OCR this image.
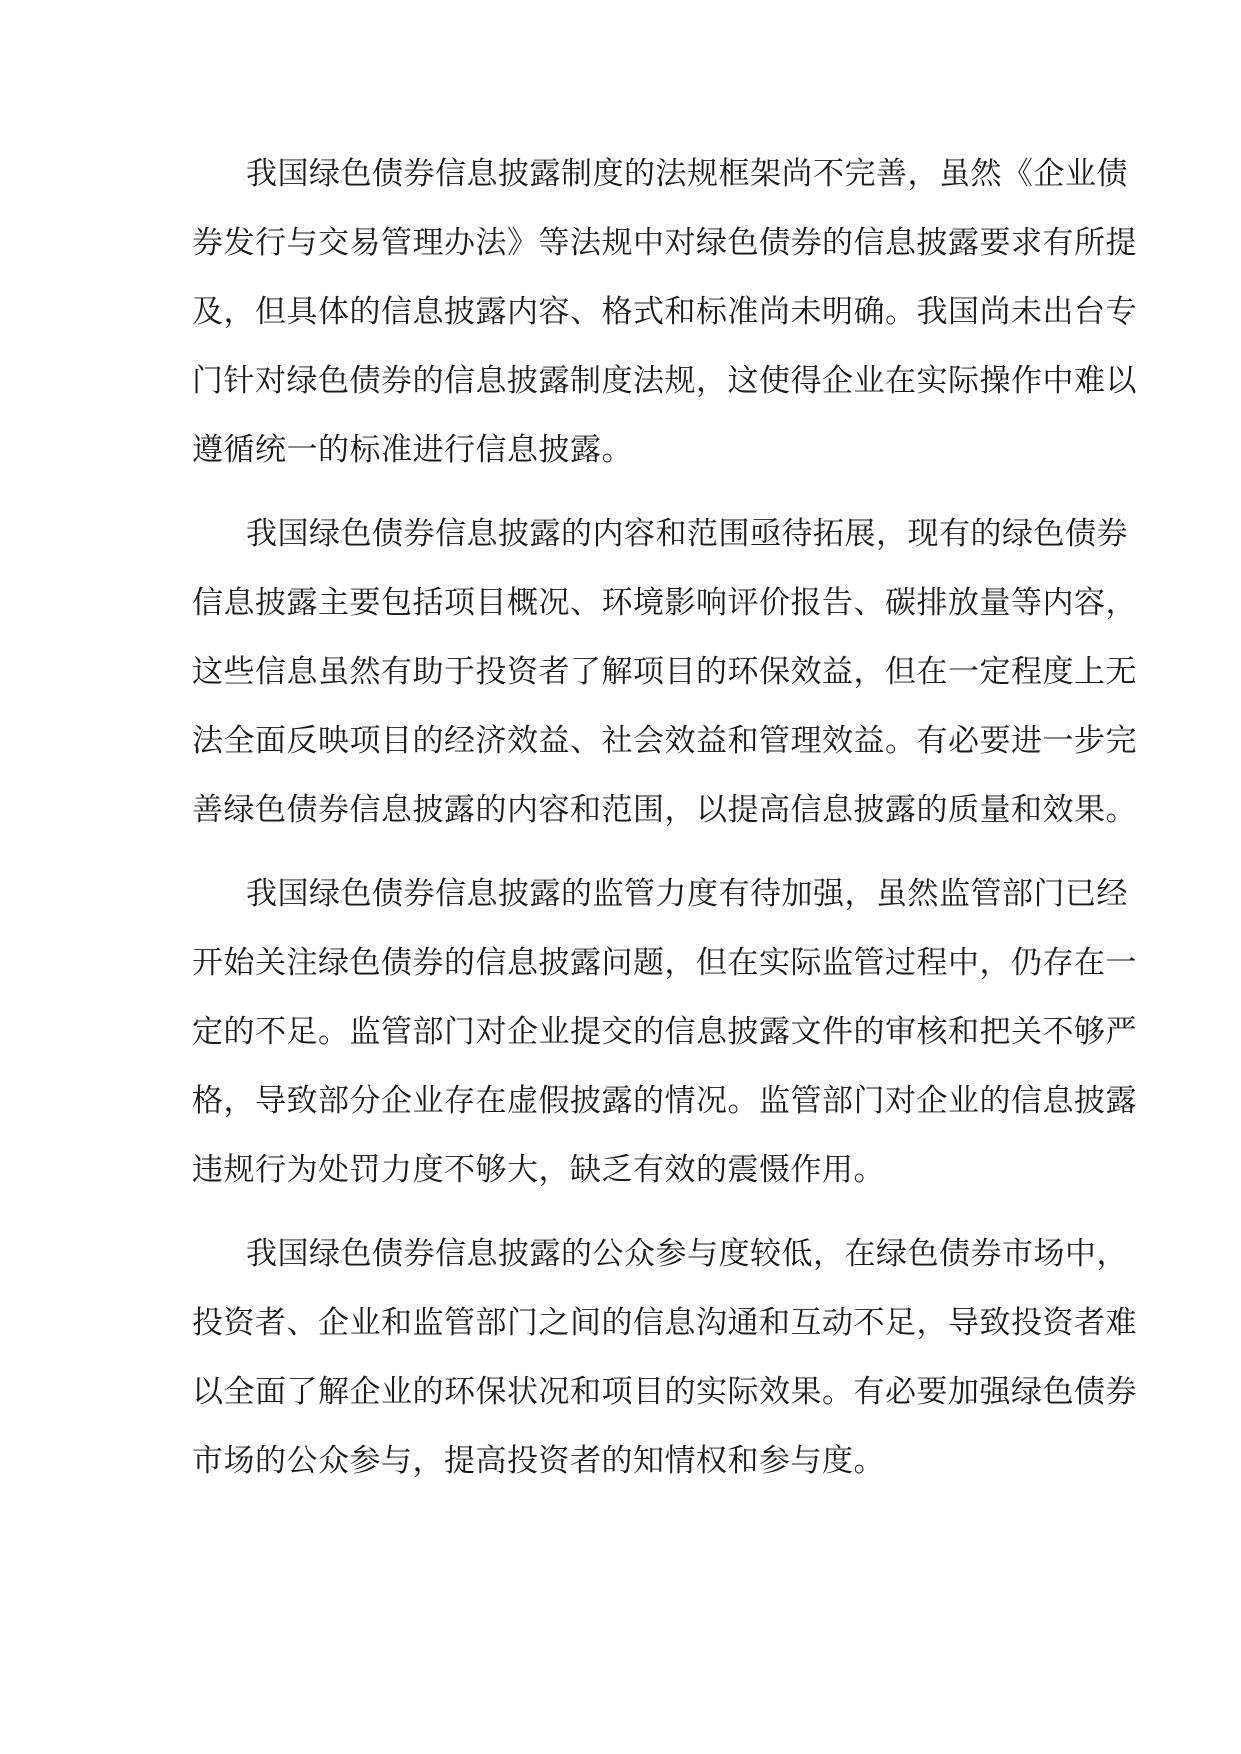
我国绿色债券信息披露制度的法规框架尚不完善，虽然《企业债
券发行与交易管理办法》等法规中对绿色债券的信息披露要求有所提
及，但具体的信息披露内容、格式和标准尚未明确。我国尚未出台专
门针对绿色债券的信息披露制度法规，这使得企业在实际操作中难以
遵循统一的标准进行信息披露。

我国绿色债券信息披露的内容和范围亟待拓展，现有的绿色债券
信息披露主要包括项目概况、环境影响评价报告、碳排放量等内容，
这些信息虽然有助于投资者了解项目的环保效益，但在一定程度上无
法全面反映项目的经济效益、社会效益和管理效益。有必要进一步完
善绿色债券信息披露的内容和范围，以提高信息披露的质量和效果。

我国绿色债券信息披露的监管力度有待加强，虽然监管部门已经
开始关注绿色债券的信息披露问题，但在实际监管过程中，仍存在一
定的不足。监管部门对企业提交的信息披露文件的审核和把关不够严
格，导致部分企业存在虚假披露的情况。监管部门对企业的信息披露
违规行为处罚力度不够大，缺乏有效的震慑作用。

我国绿色债券信息披露的公众参与度较低，在绿色债券市场中，
投资者、企业和监管部门之间的信息沟通和互动不足，导致投资者难
以全面了解企业的环保状况和项目的实际效果。有必要加强绿色债券
市场的公众参与，提高投资者的知情权和参与度。
